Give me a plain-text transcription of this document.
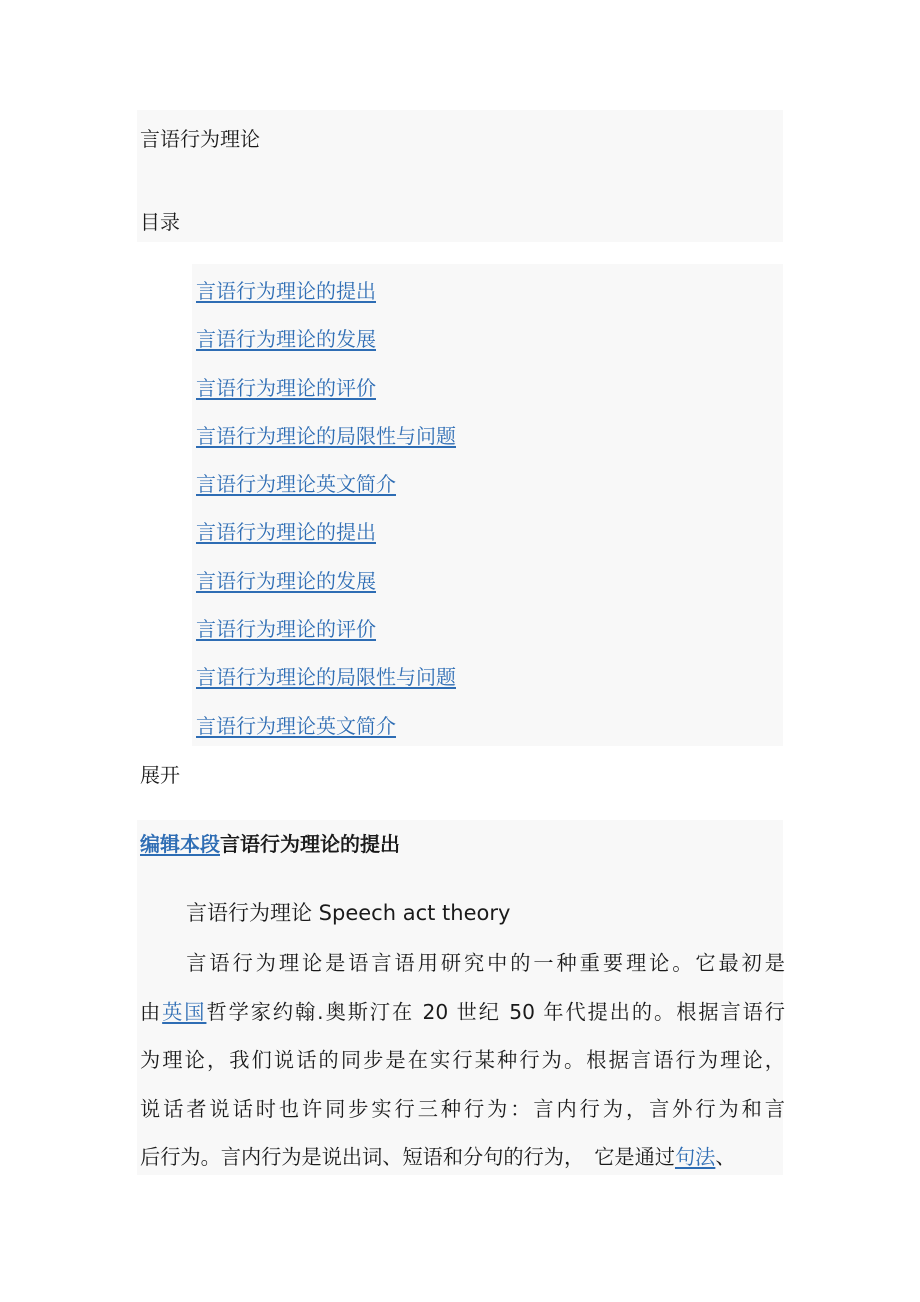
言语行为理论
目录
言语行为理论的提出
言语行为理论的发展
言语行为理论的评价
言语行为理论的局限性与问题
言语行为理论英文简介
言语行为理论的提出
言语行为理论的发展
言语行为理论的评价
言语行为理论的局限性与问题
言语行为理论英文简介
展开
编辑本段言语行为理论的提出
言语行为理论 Speech act theory
　　言语行为理论是语言语用研究中的一种重要理论。它最初是
由英国哲学家约翰.奥斯汀在 20 世纪 50 年代提出的。根据言语行
为理论，我们说话的同步是在实行某种行为。根据言语行为理论，
说话者说话时也许同步实行三种行为：言内行为，言外行为和言
后行为。言内行为是说出词、短语和分句的行为，　它是通过句法、
